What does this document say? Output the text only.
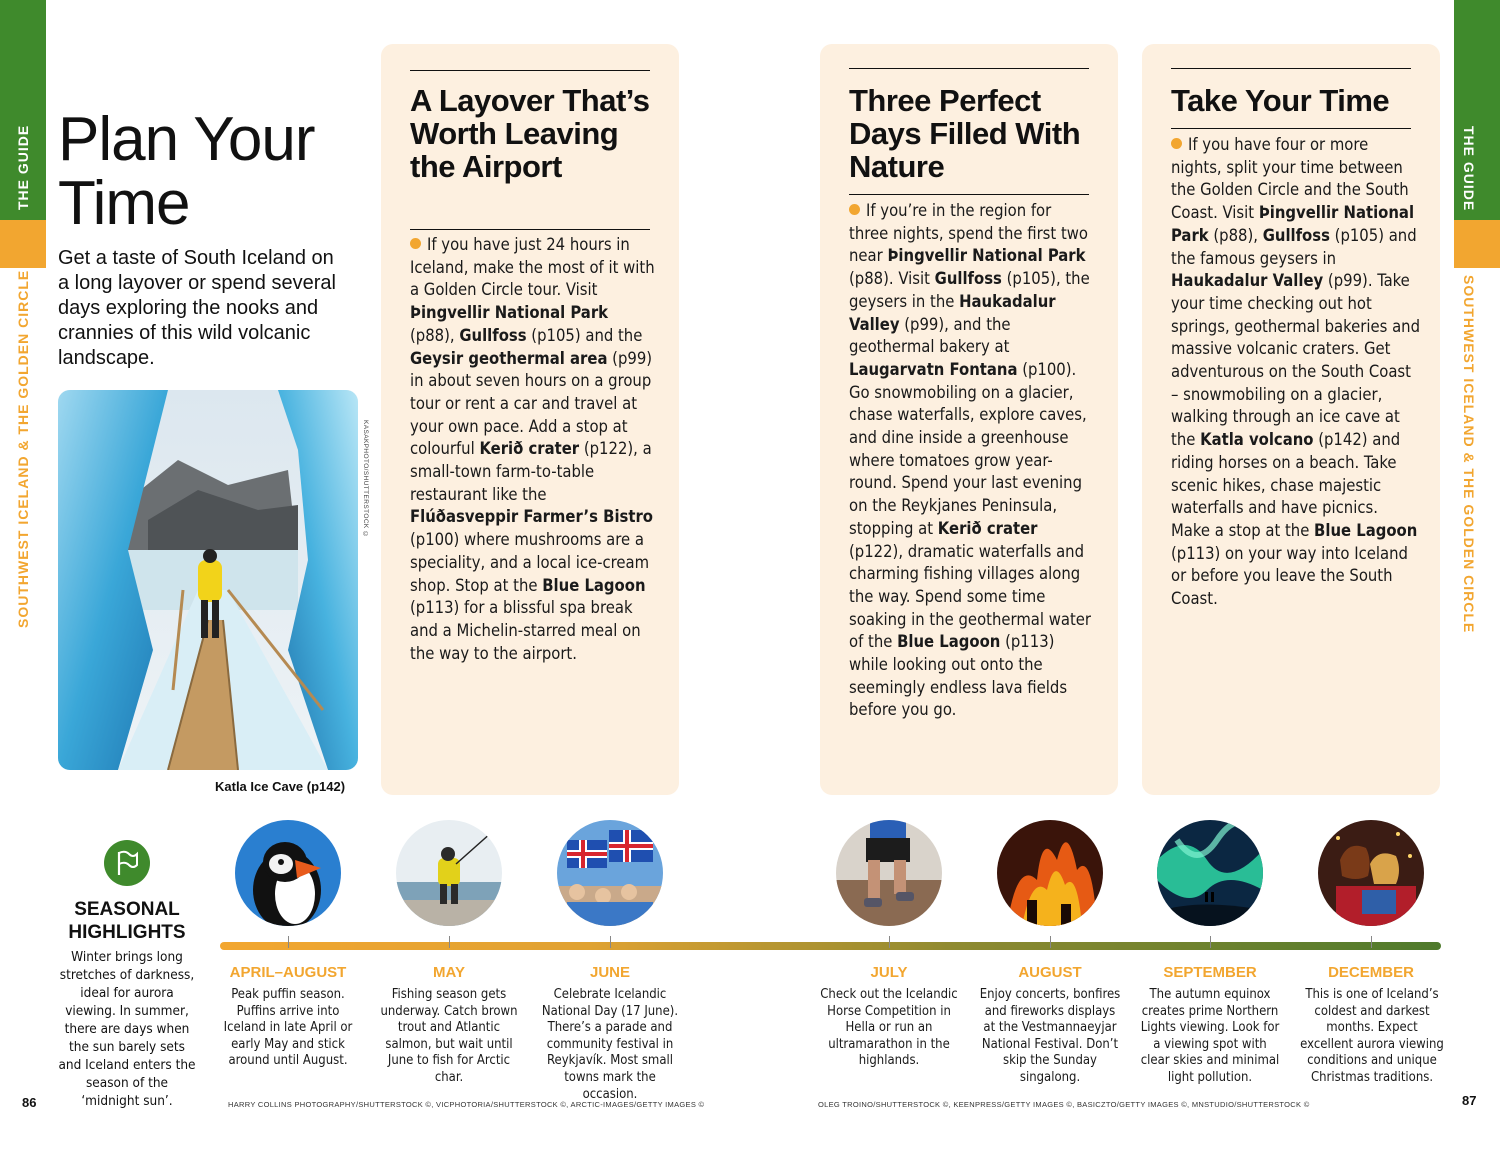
THE GUIDE
SOUTHWEST ICELAND & THE GOLDEN CIRCLE
THE GUIDE
SOUTHWEST ICELAND & THE GOLDEN CIRCLE
Plan Your
Time
Get a taste of South Iceland on a long layover or spend several days exploring the nooks and crannies of this wild volcanic landscape.
KASAKPHOTO/SHUTTERSTOCK ©
Katla Ice Cave (p142)
A Layover That’s Worth Leaving the Airport
If you have just 24 hours in Iceland, make the most of it with a Golden Circle tour. Visit Þingvellir National Park (p88), Gullfoss (p105) and the Geysir geothermal area (p99) in about seven hours on a group tour or rent a car and travel at your own pace. Add a stop at colourful Kerið crater (p122), a small-town farm-to-table restaurant like the Flúðasveppir Farmer’s Bistro (p100) where mushrooms are a speciality, and a local ice-cream shop. Stop at the Blue Lagoon (p113) for a blissful spa break and a Michelin-starred meal on the way to the airport.
Three Perfect Days Filled With Nature
If you’re in the region for three nights, spend the first two near Þingvellir National Park (p88). Visit Gullfoss (p105), the geysers in the Haukadalur Valley (p99), and the geothermal bakery at Laugarvatn Fontana (p100). Go snowmobiling on a glacier, chase waterfalls, explore caves, and dine inside a greenhouse where tomatoes grow year-round. Spend your last evening on the Reykjanes Peninsula, stopping at Kerið crater (p122), dramatic waterfalls and charming fishing villages along the way. Spend some time soaking in the geothermal water of the Blue Lagoon (p113) while looking out onto the seemingly endless lava fields before you go.
Take Your Time
If you have four or more nights, split your time between the Golden Circle and the South Coast. Visit Þingvellir National Park (p88), Gullfoss (p105) and the famous geysers in Haukadalur Valley (p99). Take your time checking out hot springs, geothermal bakeries and massive volcanic craters. Get adventurous on the South Coast – snowmobiling on a glacier, walking through an ice cave at the Katla volcano (p142) and riding horses on a beach. Take scenic hikes, chase majestic waterfalls and have picnics. Make a stop at the Blue Lagoon (p113) on your way into Iceland or before you leave the South Coast.
SEASONAL
HIGHLIGHTS
Winter brings long stretches of darkness, ideal for aurora viewing. In summer, there are days when the sun barely sets and Iceland enters the season of the ‘midnight sun’.
APRIL–AUGUST
Peak puffin season. Puffins arrive into Iceland in late April or early May and stick around until August.
MAY
Fishing season gets underway. Catch brown trout and Atlantic salmon, but wait until June to fish for Arctic char.
JUNE
Celebrate Icelandic National Day (17 June). There’s a parade and community festival in Reykjavík. Most small towns mark the occasion.
JULY
Check out the Icelandic Horse Competition in Hella or run an ultramarathon in the highlands.
AUGUST
Enjoy concerts, bonfires and fireworks displays at the Vestmannaeyjar National Festival. Don’t skip the Sunday singalong.
SEPTEMBER
The autumn equinox creates prime Northern Lights viewing. Look for a viewing spot with clear skies and minimal light pollution.
DECEMBER
This is one of Iceland’s coldest and darkest months. Expect excellent aurora viewing conditions and unique Christmas traditions.
HARRY COLLINS PHOTOGRAPHY/SHUTTERSTOCK ©, VICPHOTORIA/SHUTTERSTOCK ©, ARCTIC-IMAGES/GETTY IMAGES ©	OLEG TROINO/SHUTTERSTOCK ©, KEENPRESS/GETTY IMAGES ©, BASICZTO/GETTY IMAGES ©, MNSTUDIO/SHUTTERSTOCK ©
86	87
